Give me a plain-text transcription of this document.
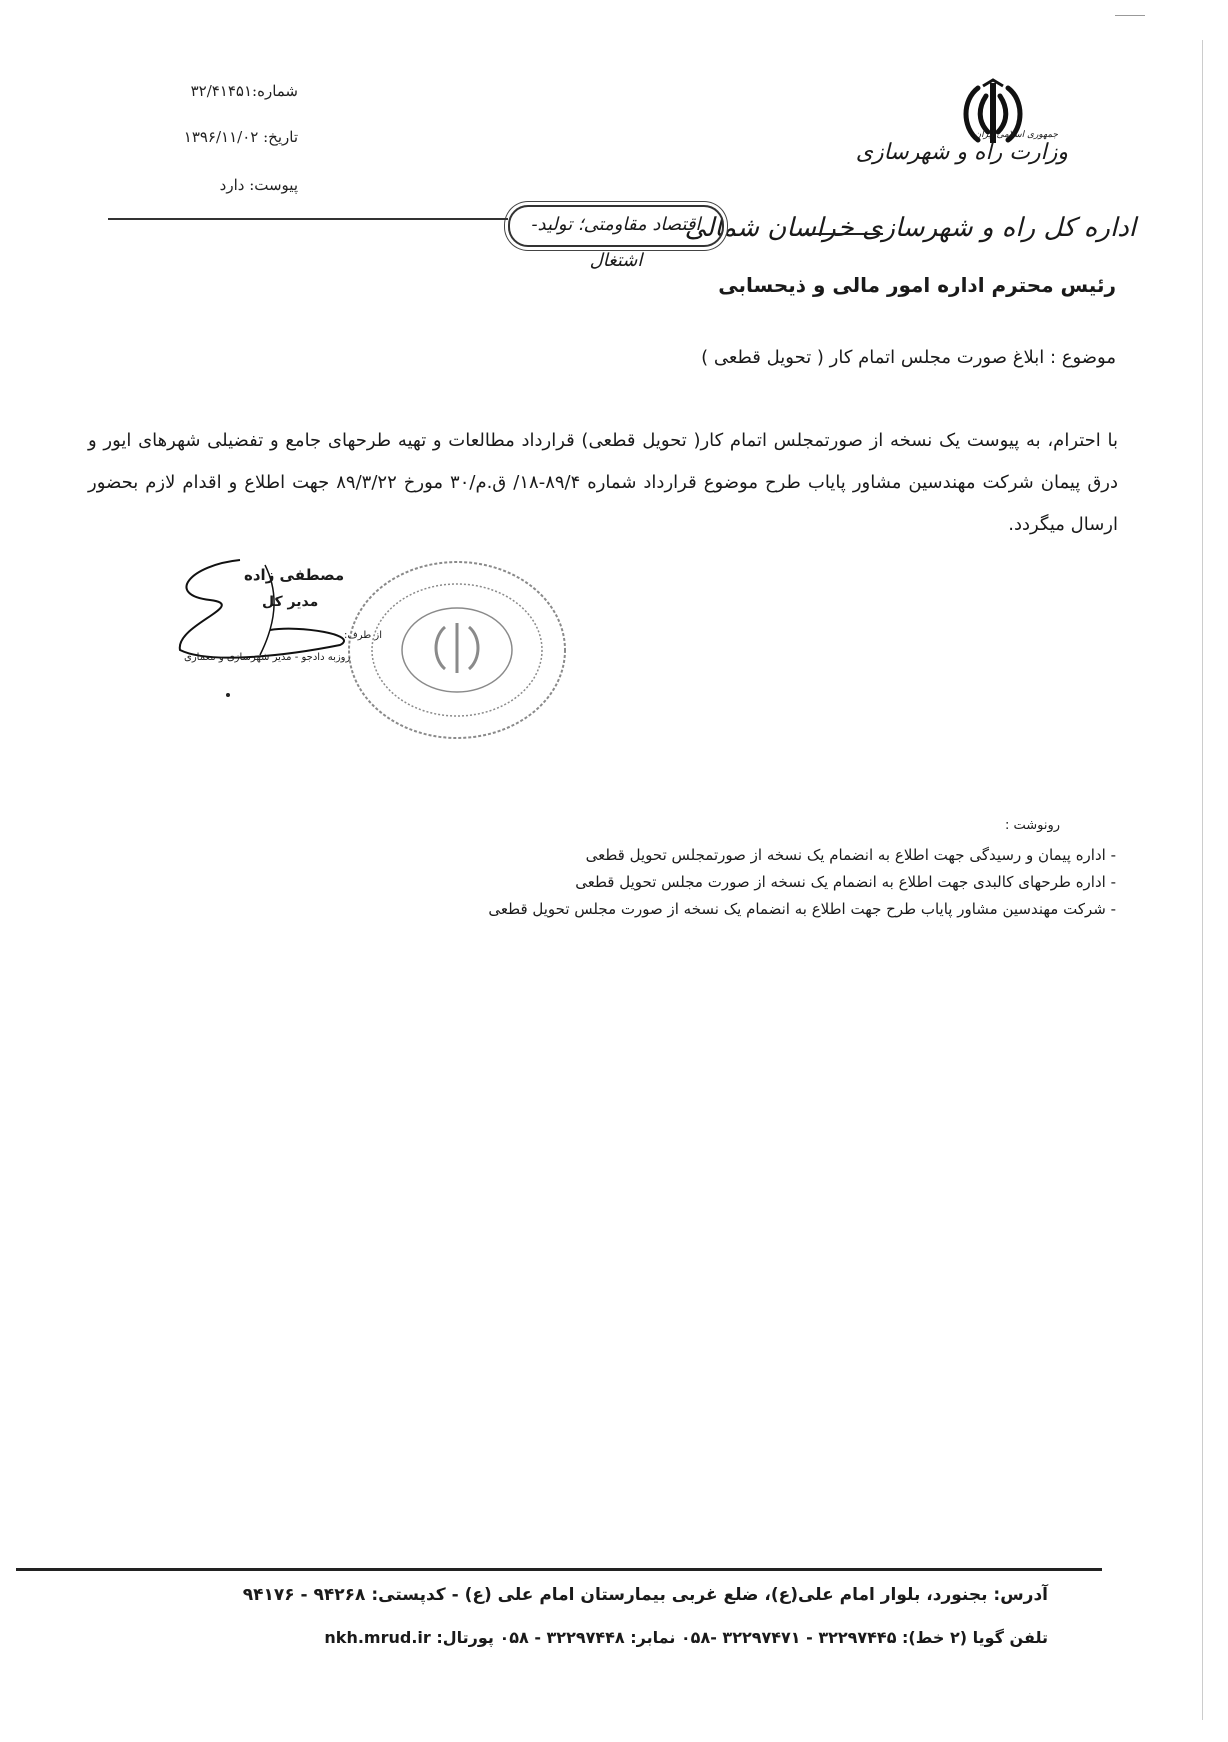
شماره:۳۲/۴۱۴۵۱
تاریخ: ۱۳۹۶/۱۱/۰۲
پیوست: دارد
جمهوری اسلامی ایران
وزارت راه و شهرسازی
اداره کل راه و شهرسازی خراسان شمالی
اقتصاد مقاومتی؛ تولید-اشتغال
رئیس محترم اداره امور مالی و ذیحسابی
موضوع : ابلاغ صورت مجلس اتمام کار ( تحویل قطعی )
با احترام، به پیوست یک نسخه از صورتمجلس اتمام کار( تحویل قطعی) قرارداد مطالعات و تهیه طرحهای جامع و تفضیلی شهرهای ایور و درق پیمان شرکت مهندسین مشاور پایاب طرح موضوع قرارداد شماره ۸۹/۴-۱۸/ ق.م/۳۰ مورخ ۸۹/۳/۲۲ جهت اطلاع و اقدام لازم بحضور ارسال میگردد.
مصطفی زاده
مدیر کل
از طرف:
روزبه دادجو - مدیر شهرسازی و معماری
رونوشت :
- اداره پیمان و رسیدگی جهت اطلاع به انضمام یک نسخه از صورتمجلس تحویل قطعی
- اداره طرحهای کالبدی جهت اطلاع به انضمام یک نسخه از صورت مجلس تحویل قطعی
- شرکت مهندسین مشاور پایاب طرح جهت اطلاع به انضمام یک نسخه از صورت مجلس تحویل قطعی
آدرس: بجنورد، بلوار امام علی(ع)، ضلع غربی بیمارستان امام علی (ع) - کدپستی: ۹۴۲۶۸ - ۹۴۱۷۶
تلفن گویا (۲ خط): ۳۲۲۹۷۴۴۵ - ۳۲۲۹۷۴۷۱ -۰۵۸ نمابر: ۳۲۲۹۷۴۴۸ - ۰۵۸ پورتال: nkh.mrud.ir
